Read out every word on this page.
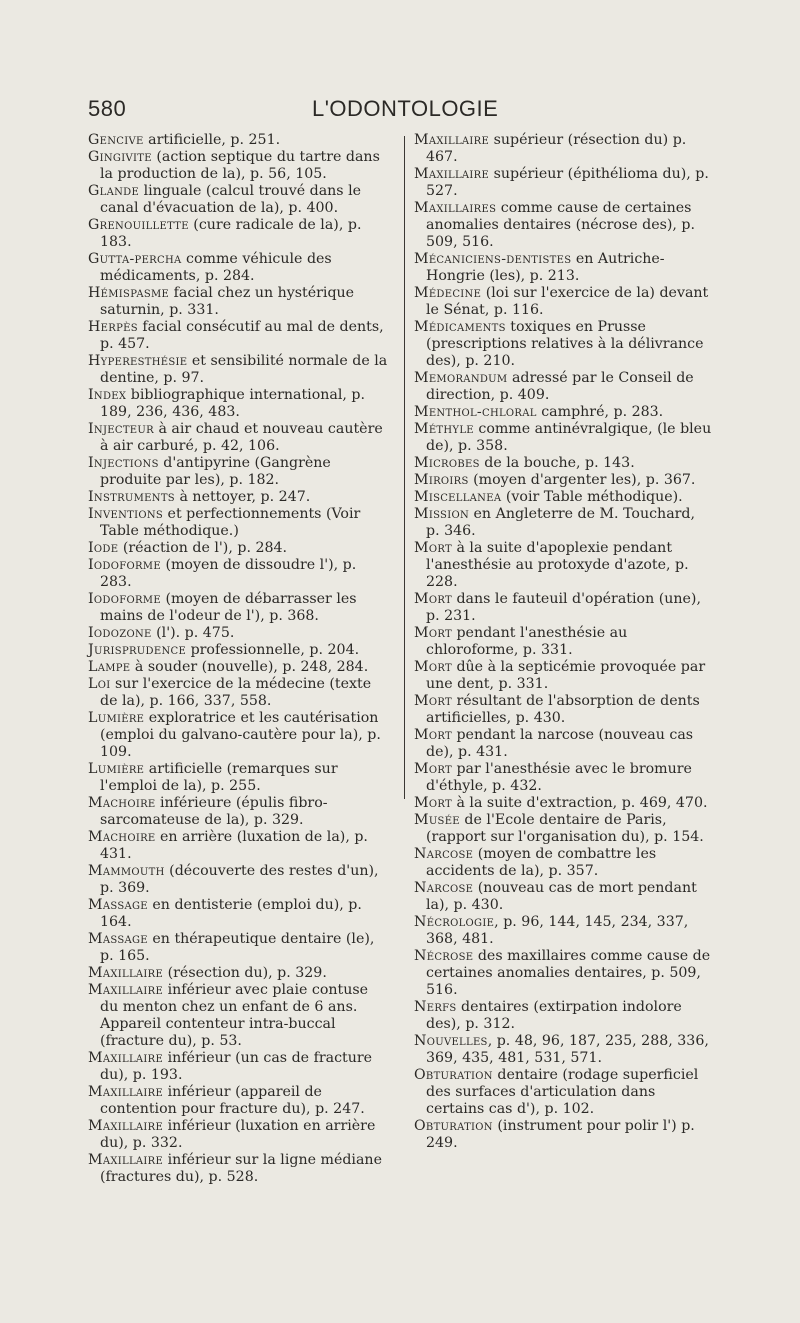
580	L'ODONTOLOGIE

Gencive artificielle, p. 251.

Gingivite (action septique du tartre dans la production de la), p. 56, 105.

Glande linguale (calcul trouvé dans le canal d'évacuation de la), p. 400.

Grenouillette (cure radicale de la), p. 183.

Gutta-percha comme véhicule des médicaments, p. 284.

Hémispasme facial chez un hystérique saturnin, p. 331.

Herpès facial consécutif au mal de dents, p. 457.

Hyperesthésie et sensibilité normale de la dentine, p. 97.

Index bibliographique international, p. 189, 236, 436, 483.

Injecteur à air chaud et nouveau cautère à air carburé, p. 42, 106.

Injections d'antipyrine (Gangrène produite par les), p. 182.

Instruments à nettoyer, p. 247.

Inventions et perfectionnements (Voir Table méthodique.)

Iode (réaction de l'), p. 284.

Iodoforme (moyen de dissoudre l'), p. 283.

Iodoforme (moyen de débarrasser les mains de l'odeur de l'), p. 368.

Iodozone (l'). p. 475.

Jurisprudence professionnelle, p. 204.

Lampe à souder (nouvelle), p. 248, 284.

Loi sur l'exercice de la médecine (texte de la), p. 166, 337, 558.

Lumière exploratrice et les cautérisation (emploi du galvano-cautère pour la), p. 109.

Lumière artificielle (remarques sur l'emploi de la), p. 255.

Machoire inférieure (épulis fibro-sarcomateuse de la), p. 329.

Machoire en arrière (luxation de la), p. 431.

Mammouth (découverte des restes d'un), p. 369.

Massage en dentisterie (emploi du), p. 164.

Massage en thérapeutique dentaire (le), p. 165.

Maxillaire (résection du), p. 329.

Maxillaire inférieur avec plaie contuse du menton chez un enfant de 6 ans. Appareil contenteur intra-buccal (fracture du), p. 53.

Maxillaire inférieur (un cas de fracture du), p. 193.

Maxillaire inférieur (appareil de contention pour fracture du), p. 247.

Maxillaire inférieur (luxation en arrière du), p. 332.

Maxillaire inférieur sur la ligne médiane (fractures du), p. 528.

Maxillaire supérieur (résection du) p. 467.

Maxillaire supérieur (épithélioma du), p. 527.

Maxillaires comme cause de certaines anomalies dentaires (nécrose des), p. 509, 516.

Mécaniciens-dentistes en Autriche-Hongrie (les), p. 213.

Médecine (loi sur l'exercice de la) devant le Sénat, p. 116.

Médicaments toxiques en Prusse (prescriptions relatives à la délivrance des), p. 210.

Memorandum adressé par le Conseil de direction, p. 409.

Menthol-chloral camphré, p. 283.

Méthyle comme antinévralgique, (le bleu de), p. 358.

Microbes de la bouche, p. 143.

Miroirs (moyen d'argenter les), p. 367.

Miscellanea (voir Table méthodique).

Mission en Angleterre de M. Touchard, p. 346.

Mort à la suite d'apoplexie pendant l'anesthésie au protoxyde d'azote, p. 228.

Mort dans le fauteuil d'opération (une), p. 231.

Mort pendant l'anesthésie au chloroforme, p. 331.

Mort dûe à la septicémie provoquée par une dent, p. 331.

Mort résultant de l'absorption de dents artificielles, p. 430.

Mort pendant la narcose (nouveau cas de), p. 431.

Mort par l'anesthésie avec le bromure d'éthyle, p. 432.

Mort à la suite d'extraction, p. 469, 470.

Musée de l'Ecole dentaire de Paris, (rapport sur l'organisation du), p. 154.

Narcose (moyen de combattre les accidents de la), p. 357.

Narcose (nouveau cas de mort pendant la), p. 430.

Nécrologie, p. 96, 144, 145, 234, 337, 368, 481.

Nécrose des maxillaires comme cause de certaines anomalies dentaires, p. 509, 516.

Nerfs dentaires (extirpation indolore des), p. 312.

Nouvelles, p. 48, 96, 187, 235, 288, 336, 369, 435, 481, 531, 571.

Obturation dentaire (rodage superficiel des surfaces d'articulation dans certains cas d'), p. 102.

Obturation (instrument pour polir l') p. 249.
